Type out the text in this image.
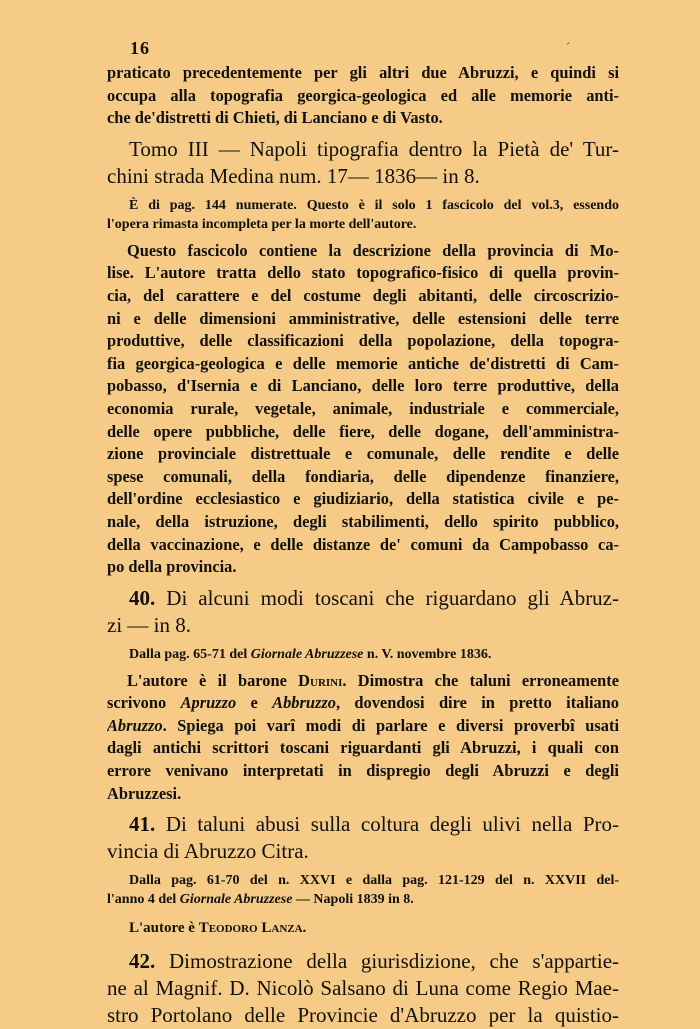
16	´

praticato precedentemente per gli altri due Abruzzi, e quindi si

occupa alla topografia georgica-geologica ed alle memorie anti-

che de'distretti di Chieti, di Lanciano e di Vasto.

Tomo III — Napoli tipografia dentro la Pietà de' Tur-

chini strada Medina num. 17— 1836— in 8.

È di pag. 144 numerate. Questo è il solo 1 fascicolo del vol.3, essendo

l'opera rimasta incompleta per la morte dell'autore.

Questo fascicolo contiene la descrizione della provincia di Mo-

lise. L'autore tratta dello stato topografico-fisico di quella provin-

cia, del carattere e del costume degli abitanti, delle circoscrizio-

ni e delle dimensioni amministrative, delle estensioni delle terre

produttive, delle classificazioni della popolazione, della topogra-

fia georgica-geologica e delle memorie antiche de'distretti di Cam-

pobasso, d'Isernia e di Lanciano, delle loro terre produttive, della

economia rurale, vegetale, animale, industriale e commerciale,

delle opere pubbliche, delle fiere, delle dogane, dell'amministra-

zione provinciale distrettuale e comunale, delle rendite e delle

spese comunali, della fondiaria, delle dipendenze finanziere,

dell'ordine ecclesiastico e giudiziario, della statistica civile e pe-

nale, della istruzione, degli stabilimenti, dello spirito pubblico,

della vaccinazione, e delle distanze de' comuni da Campobasso ca-

po della provincia.

40. Di alcuni modi toscani che riguardano gli Abruz-

zi — in 8.

Dalla pag. 65-71 del Giornale Abruzzese n. V. novembre 1836.

L'autore è il barone Durini. Dimostra che taluni erroneamente

scrivono Apruzzo e Abbruzzo, dovendosi dire in pretto italiano

Abruzzo. Spiega poi varî modi di parlare e diversi proverbî usati

dagli antichi scrittori toscani riguardanti gli Abruzzi, i quali con

errore venivano interpretati in dispregio degli Abruzzi e degli

Abruzzesi.

41. Di taluni abusi sulla coltura degli ulivi nella Pro-

vincia di Abruzzo Citra.

Dalla pag. 61-70 del n. XXVI e dalla pag. 121-129 del n. XXVII del-

l'anno 4 del Giornale Abruzzese — Napoli 1839 in 8.

L'autore è Teodoro Lanza.

42. Dimostrazione della giurisdizione, che s'appartie-

ne al Magnif. D. Nicolò Salsano di Luna come Regio Mae-

stro Portolano delle Provincie d'Abruzzo per la quistio-
